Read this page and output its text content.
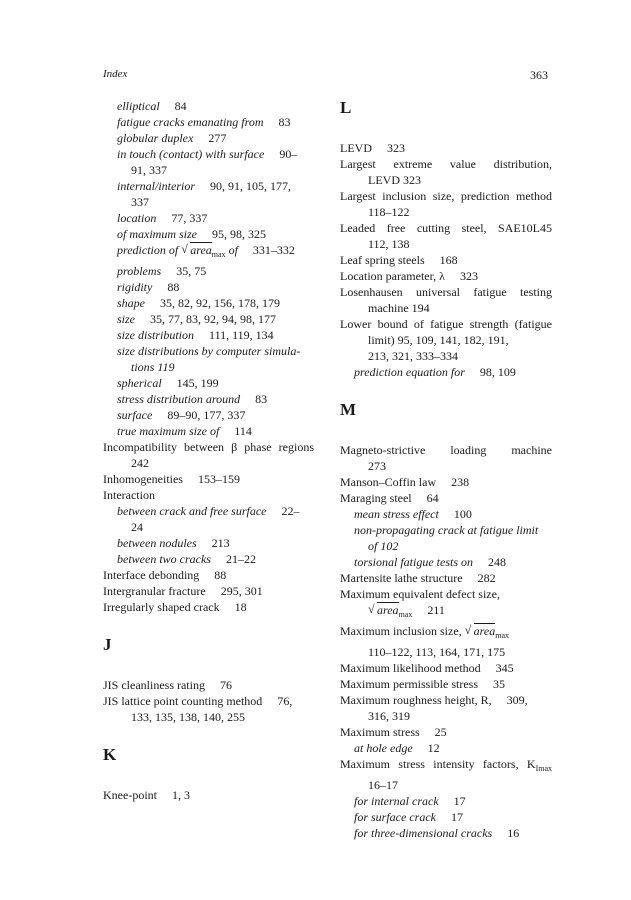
Index	363
elliptical  84
fatigue cracks emanating from  83
globular duplex  277
in touch (contact) with surface  90–
91, 337
internal/interior  90, 91, 105, 177,
337
location  77, 337
of maximum size  95, 98, 325
prediction of √ area$_{max}$ of  331–332
problems  35, 75
rigidity  88
shape  35, 82, 92, 156, 178, 179
size  35, 77, 83, 92, 94, 98, 177
size distribution  111, 119, 134
size distributions by computer simula-
tions 119
spherical  145, 199
stress distribution around  83
surface  89–90, 177, 337
true maximum size of  114
Incompatibility between β phase regions
242
Inhomogeneities  153–159
Interaction
between crack and free surface  22–
24
between nodules  213
between two cracks  21–22
Interface debonding  88
Intergranular fracture  295, 301
Irregularly shaped crack  18
J
JIS cleanliness rating  76
JIS lattice point counting method  76,
133, 135, 138, 140, 255
K
Knee-point  1, 3
L
LEVD  323
Largest extreme value distribution,
LEVD 323
Largest inclusion size, prediction method
118–122
Leaded free cutting steel, SAE10L45
112, 138
Leaf spring steels  168
Location parameter, λ  323
Losenhausen universal fatigue testing
machine 194
Lower bound of fatigue strength (fatigue
limit) 95, 109, 141, 182, 191,
213, 321, 333–334
prediction equation for  98, 109
M
Magneto-strictive loading machine
273
Manson–Coffin law  238
Maraging steel  64
mean stress effect  100
non-propagating crack at fatigue limit
of 102
torsional fatigue tests on  248
Martensite lathe structure  282
Maximum equivalent defect size,
√ area$_{max}$  211
Maximum inclusion size, √ area$_{max}$
110–122, 113, 164, 171, 175
Maximum likelihood method  345
Maximum permissible stress  35
Maximum roughness height, R,  309,
316, 319
Maximum stress  25
at hole edge  12
Maximum stress intensity factors, $K_{Imax}$
16–17
for internal crack  17
for surface crack  17
for three-dimensional cracks  16
